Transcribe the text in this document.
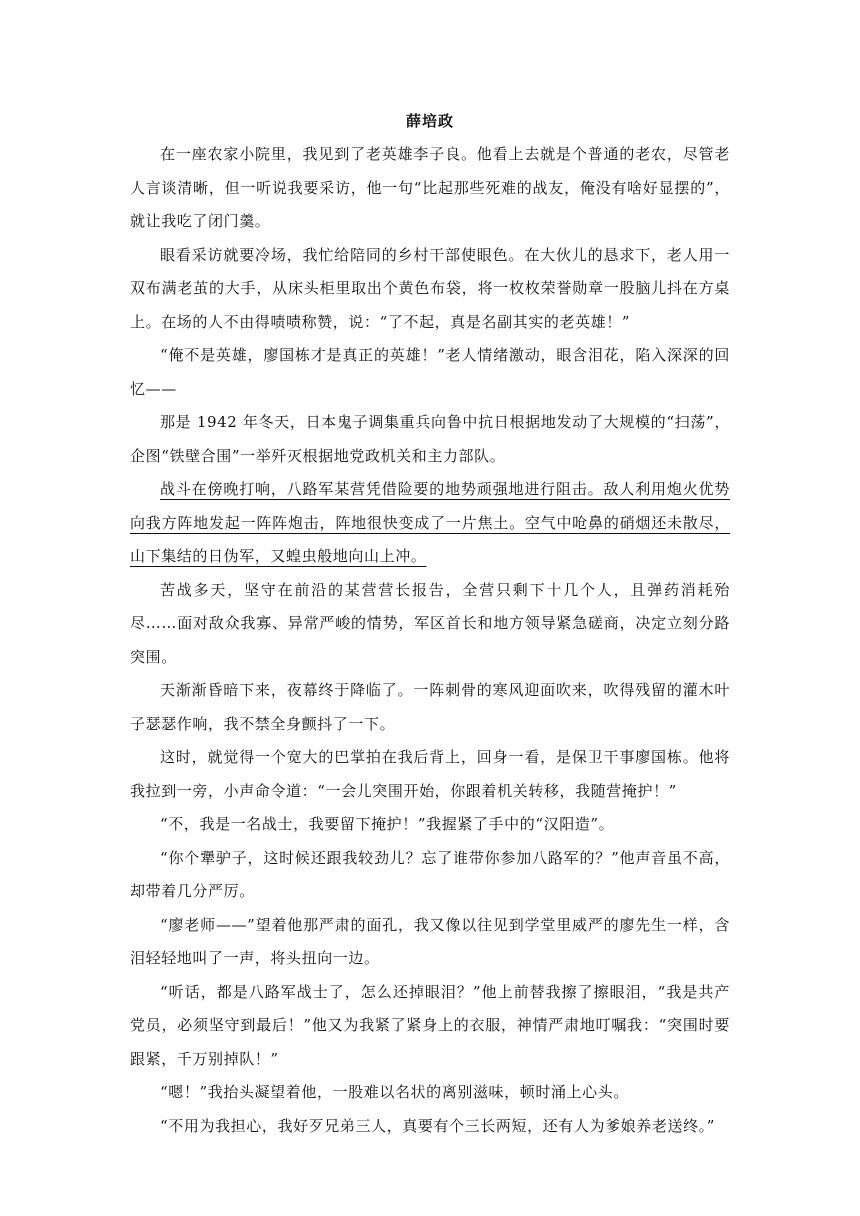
薛培政

在一座农家小院里，我见到了老英雄李子良。他看上去就是个普通的老农，尽管老人言谈清晰，但一听说我要采访，他一句“比起那些死难的战友，俺没有啥好显摆的”，就让我吃了闭门羹。

眼看采访就要冷场，我忙给陪同的乡村干部使眼色。在大伙儿的恳求下，老人用一双布满老茧的大手，从床头柜里取出个黄色布袋，将一枚枚荣誉勋章一股脑儿抖在方桌上。在场的人不由得啧啧称赞，说：“了不起，真是名副其实的老英雄！”

“俺不是英雄，廖国栋才是真正的英雄！”老人情绪激动，眼含泪花，陷入深深的回忆——

那是 1942 年冬天，日本鬼子调集重兵向鲁中抗日根据地发动了大规模的“扫荡”，企图“铁壁合围”一举歼灭根据地党政机关和主力部队。

战斗在傍晚打响，八路军某营凭借险要的地势顽强地进行阻击。敌人利用炮火优势向我方阵地发起一阵阵炮击，阵地很快变成了一片焦土。空气中呛鼻的硝烟还未散尽，山下集结的日伪军，又蝗虫般地向山上冲。

苦战多天，坚守在前沿的某营营长报告，全营只剩下十几个人，且弹药消耗殆尽……面对敌众我寡、异常严峻的情势，军区首长和地方领导紧急磋商，决定立刻分路突围。

天渐渐昏暗下来，夜幕终于降临了。一阵刺骨的寒风迎面吹来，吹得残留的灌木叶子瑟瑟作响，我不禁全身颤抖了一下。

这时，就觉得一个宽大的巴掌拍在我后背上，回身一看，是保卫干事廖国栋。他将我拉到一旁，小声命令道：“一会儿突围开始，你跟着机关转移，我随营掩护！”

“不，我是一名战士，我要留下掩护！”我握紧了手中的“汉阳造”。

“你个犟驴子，这时候还跟我较劲儿？忘了谁带你参加八路军的？”他声音虽不高，却带着几分严厉。

“廖老师——”望着他那严肃的面孔，我又像以往见到学堂里威严的廖先生一样，含泪轻轻地叫了一声，将头扭向一边。

“听话，都是八路军战士了，怎么还掉眼泪？”他上前替我擦了擦眼泪，“我是共产党员，必须坚守到最后！”他又为我紧了紧身上的衣服，神情严肃地叮嘱我：“突围时要跟紧，千万别掉队！”

“嗯！”我抬头凝望着他，一股难以名状的离别滋味，顿时涌上心头。

“不用为我担心，我好歹兄弟三人，真要有个三长两短，还有人为爹娘养老送终。”
